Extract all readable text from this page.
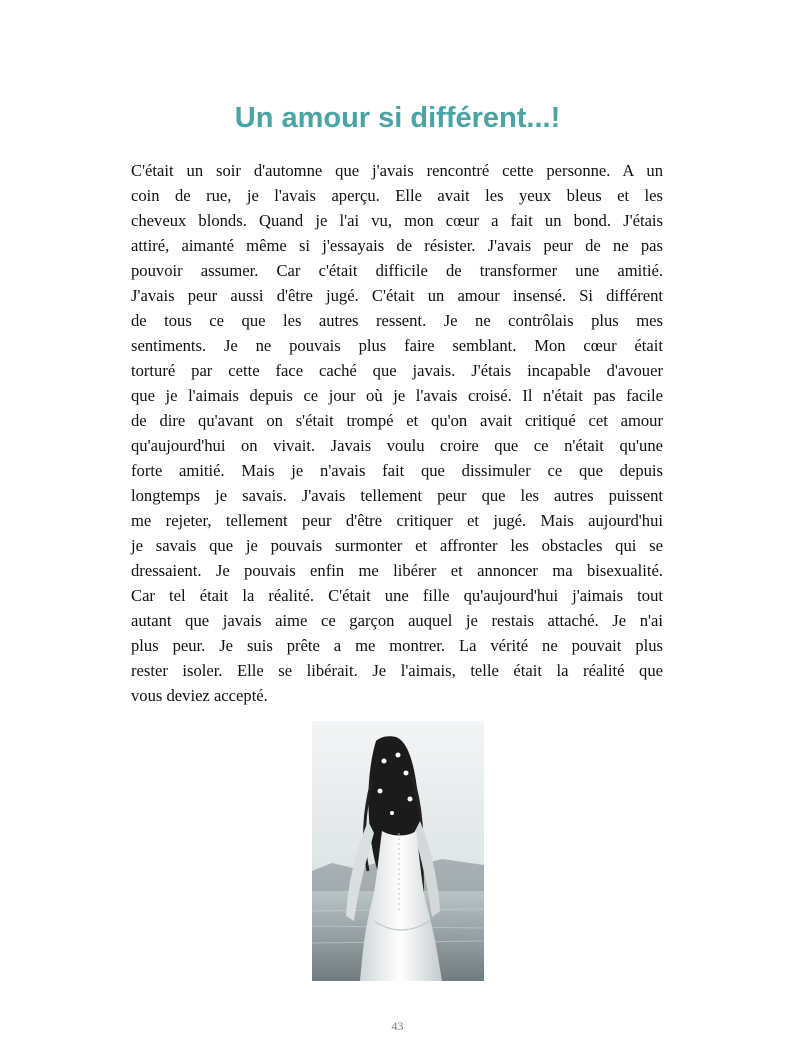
Un amour si différent...!
C'était un soir d'automne que j'avais rencontré cette personne. A un
coin de rue, je l'avais aperçu. Elle avait les yeux bleus et les
cheveux blonds. Quand je l'ai vu, mon cœur a fait un bond. J'étais
attiré, aimanté même si j'essayais de résister. J'avais peur de ne pas
pouvoir assumer. Car c'était difficile de transformer une amitié.
J'avais peur aussi d'être jugé. C'était un amour insensé. Si différent
de tous ce que les autres ressent. Je ne contrôlais plus mes
sentiments. Je ne pouvais plus faire semblant. Mon cœur était
torturé par cette face caché que javais. J'étais incapable d'avouer
que je l'aimais depuis ce jour où je l'avais croisé. Il n'était pas facile
de dire qu'avant on s'était trompé et qu'on avait critiqué cet amour
qu'aujourd'hui on vivait. Javais voulu croire que ce n'était qu'une
forte amitié. Mais je n'avais fait que dissimuler ce que depuis
longtemps je savais. J'avais tellement peur que les autres puissent
me rejeter, tellement peur d'être critiquer et jugé. Mais aujourd'hui
je savais que je pouvais surmonter et affronter les obstacles qui se
dressaient. Je pouvais enfin me libérer et annoncer ma bisexualité.
Car tel était la réalité. C'était une fille qu'aujourd'hui j'aimais tout
autant que javais aime ce garçon auquel je restais attaché. Je n'ai
plus peur. Je suis prête a me montrer. La vérité ne pouvait plus
rester isoler. Elle se libérait. Je l'aimais, telle était la réalité que
vous deviez accepté.
43
